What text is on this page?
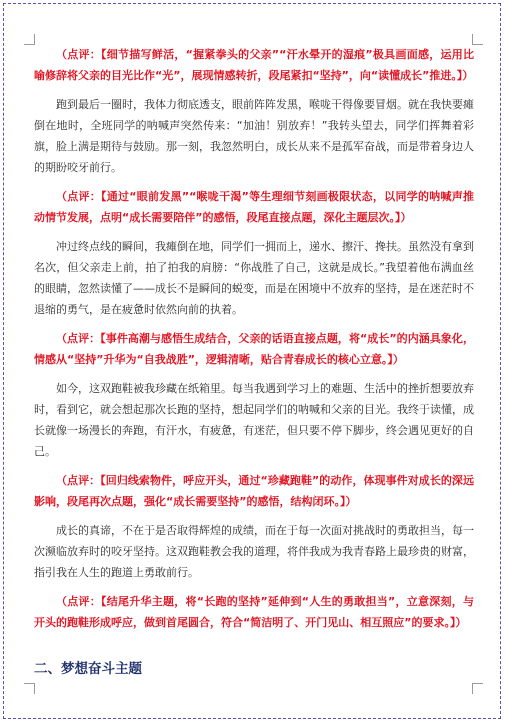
（点评：【细节描写鲜活，“握紧拳头的父亲”“汗水晕开的湿痕”极具画面感，运用比喻修辞将父亲的目光比作“光”，展现情感转折，段尾紧扣“坚持”，向“读懂成长”推进。】）

跑到最后一圈时，我体力彻底透支，眼前阵阵发黑，喉咙干得像要冒烟。就在我快要瘫倒在地时，全班同学的呐喊声突然传来：“加油！别放弃！”我转头望去，同学们挥舞着彩旗，脸上满是期待与鼓励。那一刻，我忽然明白，成长从来不是孤军奋战，而是带着身边人的期盼咬牙前行。

（点评：【通过“眼前发黑”“喉咙干渴”等生理细节刻画极限状态，以同学的呐喊声推动情节发展，点明“成长需要陪伴”的感悟，段尾直接点题，深化主题层次。】）

冲过终点线的瞬间，我瘫倒在地，同学们一拥而上，递水、擦汗、搀扶。虽然没有拿到名次，但父亲走上前，拍了拍我的肩膀：“你战胜了自己，这就是成长。”我望着他布满血丝的眼睛，忽然读懂了——成长不是瞬间的蜕变，而是在困境中不放弃的坚持，是在迷茫时不退缩的勇气，是在疲惫时依然向前的执着。

（点评：【事件高潮与感悟生成结合，父亲的话语直接点题，将“成长”的内涵具象化，情感从“坚持”升华为“自我战胜”，逻辑清晰，贴合青春成长的核心立意。】）

如今，这双跑鞋被我珍藏在纸箱里。每当我遇到学习上的难题、生活中的挫折想要放弃时，看到它，就会想起那次长跑的坚持，想起同学们的呐喊和父亲的目光。我终于读懂，成长就像一场漫长的奔跑，有汗水，有疲惫，有迷茫，但只要不停下脚步，终会遇见更好的自己。

（点评：【回归线索物件，呼应开头，通过“珍藏跑鞋”的动作，体现事件对成长的深远影响，段尾再次点题，强化“成长需要坚持”的感悟，结构闭环。】）

成长的真谛，不在于是否取得辉煌的成绩，而在于每一次面对挑战时的勇敢担当，每一次濒临放弃时的咬牙坚持。这双跑鞋教会我的道理，将伴我成为我青春路上最珍贵的财富，指引我在人生的跑道上勇敢前行。

（点评：【结尾升华主题，将“长跑的坚持”延伸到“人生的勇敢担当”，立意深刻，与开头的跑鞋形成呼应，做到首尾圆合，符合“简洁明了、开门见山、相互照应”的要求。】）

二、梦想奋斗主题
